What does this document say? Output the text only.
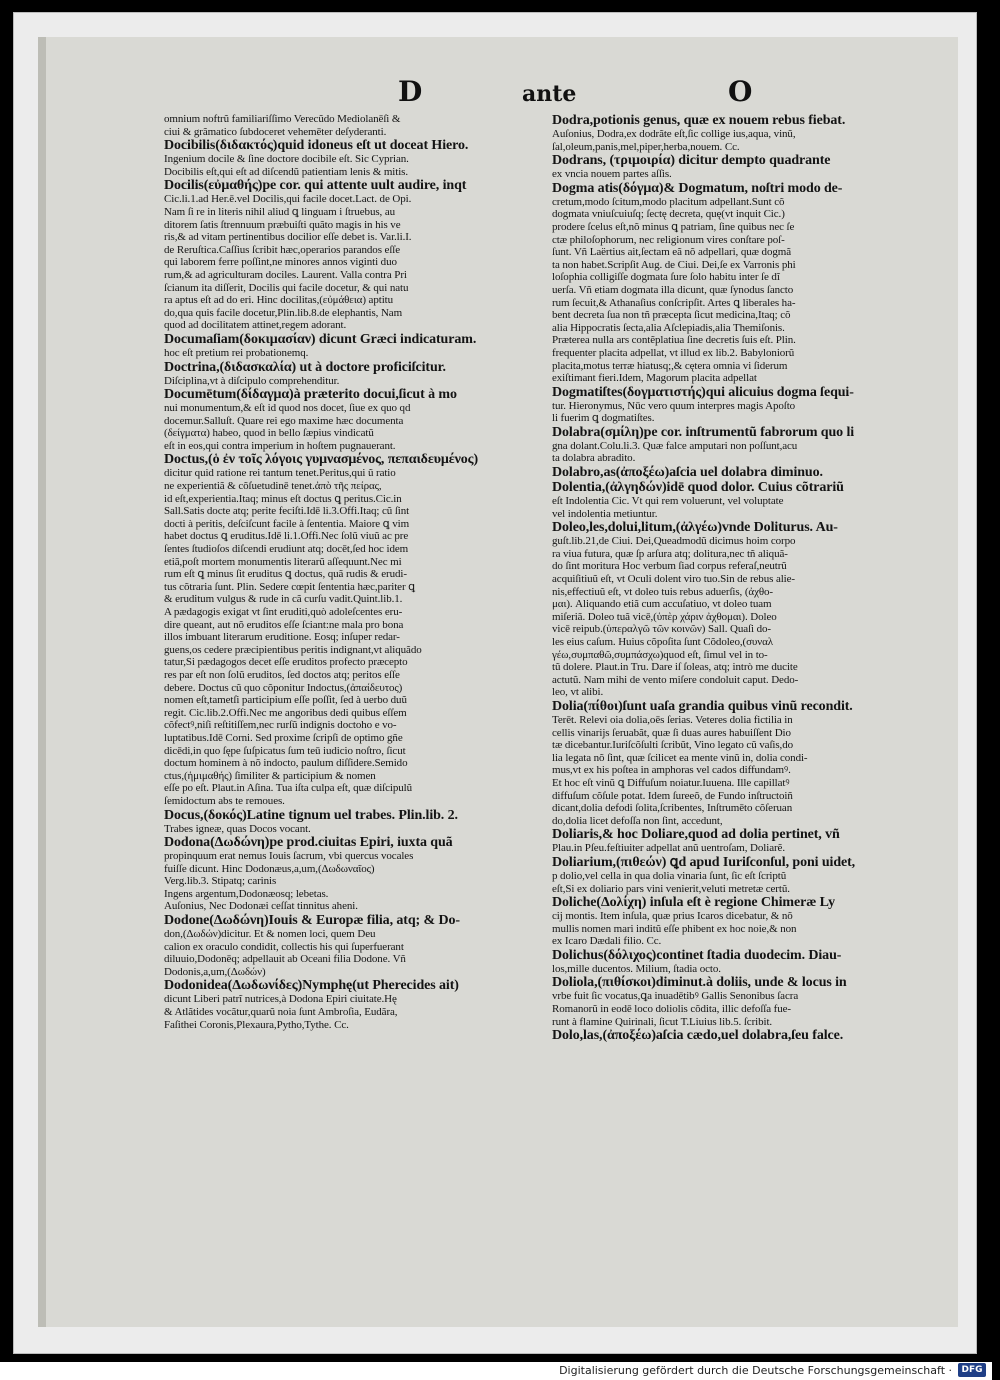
D	ante	O
omnium noftrũ familiariſſimo Verecũdo Mediolanēſi &
ciui & grãmatico ſubdoceret vehemēter deſyderanti.
Docibilis(διδακτός)quid idoneus eſt ut doceat Hiero.
Ingenium docile & ſine doctore docibile eſt. Sic Cyprian.
Docibilis eſt,qui eſt ad diſcendũ patientiam lenis & mitis.
Docilis(εὐμαθής)pe cor. qui attente uult audire, inqt
Cic.li.1.ad Her.ē.vel Docilis,qui facile docet.Lact. de Opi.
Nam ſi re in literis nihil aliud ꝗ linguam i ſtruebus, au
ditorem ſatis ſtrennuum præbuiſti quãto magis in his ve
ris,& ad vitam pertinentibus docilior eſſe debet is. Var.li.I.
de Reruſtica.Caſſius ſcribit hæc,operarios parandos eſſe
qui laborem ferre poſſint,ne minores annos viginti duo
rum,& ad agriculturam dociles. Laurent. Valla contra Pri
ſcianum ita diſſerit, Docilis qui facile docetur, & qui natu
ra aptus eſt ad do eri. Hinc docilitas,(εὐμάθεια) aptitu
do,qua quis facile docetur,Plin.lib.8.de elephantis, Nam
quod ad docilitatem attinet,regem adorant.
Documaſiam(δοκιμασίαν) dicunt Græci indicaturam.
hoc eſt pretium rei probationemq.
Doctrina,(διδασκαλία) ut à doctore proficiſcitur.
Diſciplina,vt à diſcipulo comprehenditur.
Documētum(δίδαγμα)à præterito docui,ſicut à mo
nui monumentum,& eſt id quod nos docet, ſiue ex quo qd
docemur.Salluſt. Quare rei ego maxime hæc documenta
(δείγματα) habeo, quod in bello ſæpius vindicatũ
eſt in eos,qui contra imperium in hoſtem pugnauerant.
Doctus,(ὁ ἐν τοῖς λόγοις γυμνασμένος, πεπαιδευμένος)
dicitur quid ratione rei tantum tenet.Peritus,qui ũ ratio
ne experientiã & cõſuetudinē tenet.ἀπὸ τῆς πείρας,
id eſt,experientia.Itaq; minus eſt doctus ꝗ peritus.Cic.in
Sall.Satis docte atq; perite feciſti.Idē li.3.Offi.Itaq; cũ ſint
docti à peritis, deſciſcunt facile à ſententia. Maiore ꝗ vim
habet doctus ꝗ eruditus.Idē li.1.Offi.Nec ſolũ viuũ ac pre
ſentes ſtudioſos diſcendi erudiunt atq; docēt,ſed hoc idem
etiã,poſt mortem monumentis literarũ aſſequunt.Nec mi
rum eſt ꝗ minus ſit eruditus ꝗ doctus, quã rudis & erudi-
tus cõtraria ſunt. Plin. Sedere cœpit ſententia hæc,pariter ꝗ
& eruditum vulgus & rude in cã curſu vadit.Quint.lib.1.
A pædagogis exigat vt ſint eruditi,quò adoleſcentes eru-
dire queant, aut nõ eruditos eſſe ſciant:ne mala pro bona
illos imbuant literarum eruditione. Eosq; inſuper redar-
guens,os cedere præcipientibus peritis indignant,vt aliquãdo
tatur,Si pædagogos decet eſſe eruditos profecto præcepto
res par eſt non ſolũ eruditos, ſed doctos atq; peritos eſſe
debere. Doctus cũ quo cõponitur Indoctus,(ἀπαίδευτος)
nomen eſt,tametſi participium eſſe poſſit, ſed à uerbo duũ
regit. Cic.lib.2.Offi.Nec me angoribus dedi quibus eſſem
cõfectꝰ,niſi reſtitiſſem,nec rurſũ indignis doctoho e vo-
luptatibus.Idē Corni. Sed proxime ſcripſi de optimo gñe
dicēdi,in quo ſępe ſuſpicatus ſum teū iudicio noſtro, ſicut
doctum hominem à nõ indocto, paulum diſſidere.Semido
ctus,(ἡμιμαθής) ſimiliter & participium & nomen
eſſe po eſt. Plaut.in Aſina. Tua iſta culpa eſt, quæ diſcipulũ
ſemidoctum abs te remoues.
Docus,(δοκός)Latine tignum uel trabes. Plin.lib. 2.
Trabes igneæ, quas Docos vocant.
Dodona(Δωδώνη)pe prod.ciuitas Epiri, iuxta quã
propinquum erat nemus Iouis ſacrum, vbi quercus vocales
fuiſſe dicunt. Hinc Dodonæus,a,um,(Δωδωναῖος)
Verg.lib.3. Stipatq; carinis
Ingens argentum,Dodonæosq; lebetas.
Auſonius, Nec Dodonæi ceſſat tinnitus aheni.
Dodone(Δωδώνη)Iouis & Europæ filia, atq; & Do-
don,(Δωδών)dicitur. Et & nomen loci, quem Deu
calion ex oraculo condidit, collectis his qui ſuperfuerant
diluuio,Dodonēq; adpellauit ab Oceani filia Dodone. Vñ
Dodonis,a,um,(Δωδών)
Dodonidea(Δωδωνίδες)Nymphę(ut Pherecides ait)
dicunt Liberi patrĩ nutrices,à Dodona Epiri ciuitate.Hę
& Atlãtides vocãtur,quarũ noia ſunt Ambroſia, Eudãra,
Faſithei Coronis,Plexaura,Pytho,Tythe. Cc.
Dodra,potionis genus, quæ ex nouem rebus fiebat.
Auſonius, Dodra,ex dodrãte eſt,ſic collige ius,aqua, vinũ,
ſal,oleum,panis,mel,piper,herba,nouem. Cc.
Dodrans, (τριμοιρία) dicitur dempto quadrante
ex vncia nouem partes aſſis.
Dogma atis(δόγμα)& Dogmatum, noſtri modo de-
cretum,modo ſcitum,modo placitum adpellant.Sunt cõ
dogmata vniuſcuiuſq; ſectę decreta, quę(vt inquit Cic.)
prodere ſcelus eſt,nõ minus ꝗ patriam, ſine quibus nec ſe
ctæ philoſophorum, nec religionum vires conſtare poſ-
ſunt. Vñ Laërtius ait,ſectam eã nõ adpellari, quæ dogmã
ta non habet.Scripſit Aug. de Ciui. Dei,ſe ex Varronis phi
loſophia colligiſſe dogmata ſure ſolo habitu inter ſe dĩ
uerſa. Vñ etiam dogmata illa dicunt, quæ ſynodus ſancto
rum ſecuit,& Athanaſius conſcripſit. Artes ꝗ liberales ha-
bent decreta ſua non tñ præcepta ſicut medicina,Itaq; cõ
alia Hippocratis ſecta,alia Aſclepiadis,alia Themiſonis.
Præterea nulla ars contẽplatiua ſine decretis ſuis eſt. Plin.
frequenter placita adpellat, vt illud ex lib.2. Babyloniorũ
placita,motus terræ hiatusq;,& cętera omnia vi ſiderum
exiſtimant fieri.Idem, Magorum placita adpellat
Dogmatiſtes(δογματιστής)qui alicuius dogma ſequi-
tur. Hieronymus, Nūc vero quum interpres magis Apoſto
li fuerim ꝗ dogmatiſtes.
Dolabra(σμίλη)pe cor. inſtrumentũ fabrorum quo li
gna dolant.Colu.li.3. Quæ falce amputari non poſſunt,acu
ta dolabra abradito.
Dolabro,as(ἀποξέω)aſcia uel dolabra diminuo.
Dolentia,(ἀλγηδών)idē quod dolor. Cuius cõtrariũ
eſt Indolentia Cic. Vt qui rem voluerunt, vel voluptate
vel indolentia metiuntur.
Doleo,les,dolui,litum,(ἀλγέω)vnde Doliturus. Au-
guſt.lib.21,de Ciui. Dei,Queadmodũ dicimus hoim corpo
ra viua futura, quæ ſp arſura atq; dolitura,nec tñ aliquã-
do ſint moritura Hoc verbum ſiad corpus referaſ,neutrũ
acquiſitiuũ eſt, vt Oculi dolent viro tuo.Sin de rebus alie-
nis,effectiuũ eſt, vt doleo tuis rebus aduerſis, (ἀχθο-
μαι). Aliquando etiã cum accuſatiuo, vt doleo tuam
miſeriã. Doleo tuã vicē,(ὑπὲρ χάριν ἀχθομαι). Doleo
vicē reipub.(ὑπεραλγῶ τῶν κοινῶν) Sall. Quaſi do-
les eius caſum. Huius cõpoſita ſunt Cõdoleo,(συναλ
γέω,συμπαθῶ,συμπάσχω)quod eſt, ſimul vel in to-
tũ dolere. Plaut.in Tru. Dare iſ ſoleas, atq; intrò me ducite
actutũ. Nam mihi de vento miſere condoluit caput. Dedo-
leo, vt alibi.
Dolia(πίθοι)ſunt uaſa grandia quibus vinũ recondit.
Terēt. Relevi oia dolia,oēs ſerias. Veteres dolia fictilia in
cellis vinarijs ſeruabãt, quæ ſi duas aures habuiſſent Dio
tæ dicebantur.Iuriſcõſulti ſcribũt, Vino legato cũ vaſis,do
lia legata nõ ſint, quæ ſcilicet ea mente vinũ in, dolia condi-
mus,vt ex his poſtea in amphoras vel cados diffundamꝰ.
Et hoc eſt vinũ ꝗ Diffuſum noiatur.Iuuena. Ille capillatꝰ
diffuſum cõſule potat. Idem ſureeõ, de Fundo inſtructoiñ
dicant,dolia defodi ſolita,ſcribentes, Inſtrumēto cõſeruan
do,dolia licet defoſſa non ſint, accedunt,
Doliaris,& hoc Doliare,quod ad dolia pertinet, vñ
Plau.in Pſeu.feſtiuiter adpellat anũ uentroſam, Doliarẽ.
Doliarium,(πιθεών) ꝗd apud Iuriſconſul, poni uidet,
p dolio,vel cella in qua dolia vinaria ſunt, ſic eſt ſcriptũ
eſt,Si ex doliario pars vini venierit,veluti metretæ certũ.
Doliche(Δολίχη) inſula eſt è regione Chimeræ Ly
cij montis. Item inſula, quæ prius Icaros dicebatur, & nõ
mullis nomen mari inditũ eſſe phibent ex hoc noie,& non
ex Icaro Dædali filio. Cc.
Dolichus(δόλιχος)continet ſtadia duodecim. Diau-
los,mille ducentos. Milium, ſtadia octo.
Doliola,(πιθίσκοι)diminut.à doliis, unde & locus in
vrbe fuit ſic vocatus,ꝗa inuadētibꝰ Gallis Senonibus ſacra
Romanorũ in eodē loco doliolis cõdita, illic defoſſa fue-
runt à flamine Quirinali, ſicut T.Liuius lib.5. ſcribit.
Dolo,las,(ἀποξέω)aſcia cædo,uel dolabra,ſeu falce.
Digitalisierung gefördert durch die Deutsche Forschungsgemeinschaft ·	DFG
